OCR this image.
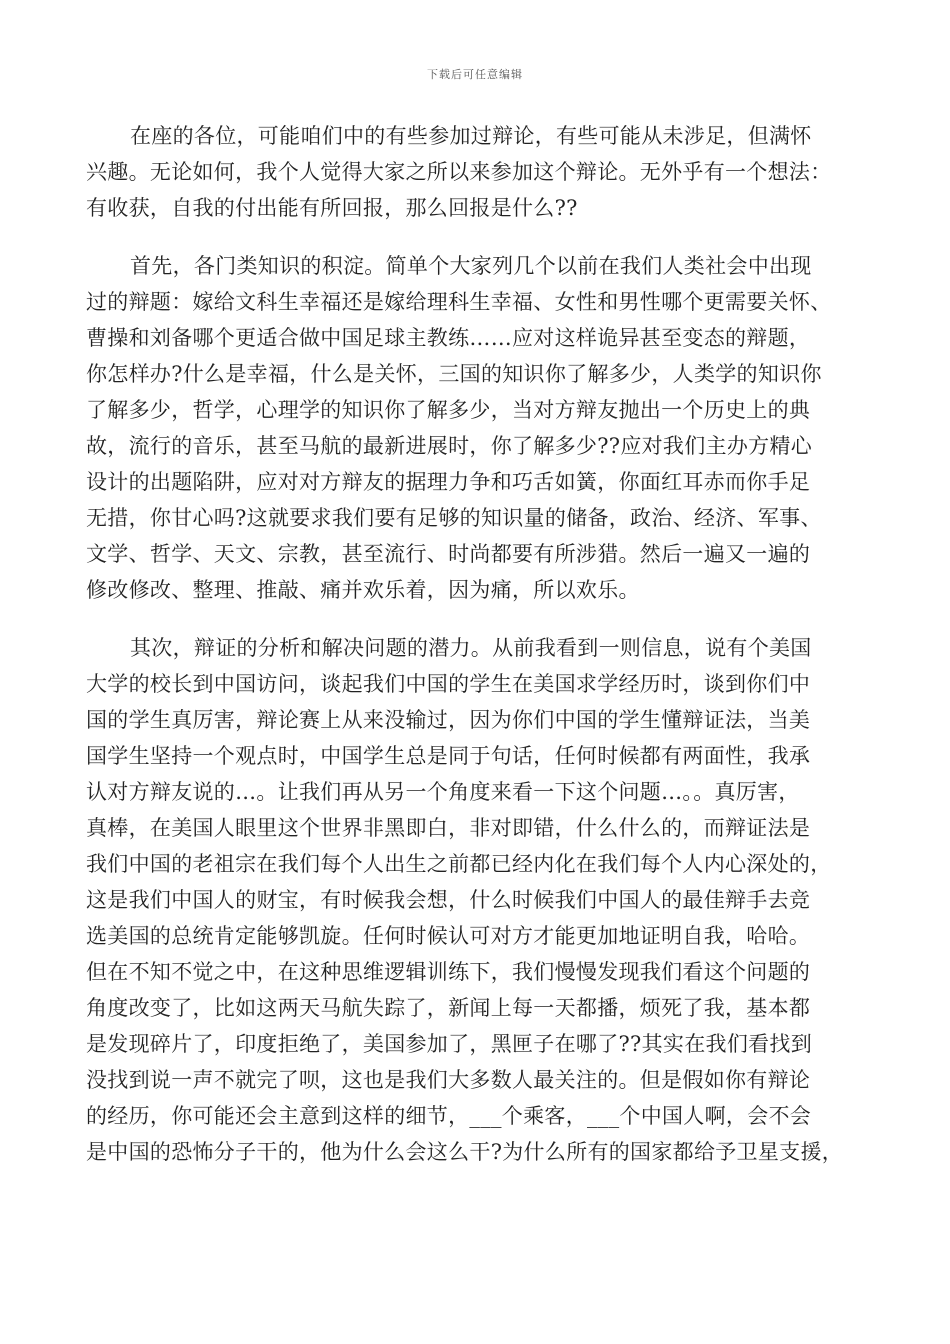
下载后可任意编辑
在座的各位，可能咱们中的有些参加过辩论，有些可能从未涉足，但满怀
兴趣。无论如何，我个人觉得大家之所以来参加这个辩论。无外乎有一个想法：
有收获，自我的付出能有所回报，那么回报是什么??
首先，各门类知识的积淀。简单个大家列几个以前在我们人类社会中出现
过的辩题：嫁给文科生幸福还是嫁给理科生幸福、女性和男性哪个更需要关怀、
曹操和刘备哪个更适合做中国足球主教练……应对这样诡异甚至变态的辩题，
你怎样办?什么是幸福，什么是关怀，三国的知识你了解多少，人类学的知识你
了解多少，哲学，心理学的知识你了解多少，当对方辩友抛出一个历史上的典
故，流行的音乐，甚至马航的最新进展时，你了解多少??应对我们主办方精心
设计的出题陷阱，应对对方辩友的据理力争和巧舌如簧，你面红耳赤而你手足
无措，你甘心吗?这就要求我们要有足够的知识量的储备，政治、经济、军事、
文学、哲学、天文、宗教，甚至流行、时尚都要有所涉猎。然后一遍又一遍的
修改修改、整理、推敲、痛并欢乐着，因为痛，所以欢乐。
其次，辩证的分析和解决问题的潜力。从前我看到一则信息，说有个美国
大学的校长到中国访问，谈起我们中国的学生在美国求学经历时，谈到你们中
国的学生真厉害，辩论赛上从来没输过，因为你们中国的学生懂辩证法，当美
国学生坚持一个观点时，中国学生总是同于句话，任何时候都有两面性，我承
认对方辩友说的…。让我们再从另一个角度来看一下这个问题…。。真厉害，
真棒，在美国人眼里这个世界非黑即白，非对即错，什么什么的，而辩证法是
我们中国的老祖宗在我们每个人出生之前都已经内化在我们每个人内心深处的，
这是我们中国人的财宝，有时候我会想，什么时候我们中国人的最佳辩手去竞
选美国的总统肯定能够凯旋。任何时候认可对方才能更加地证明自我，哈哈。
但在不知不觉之中，在这种思维逻辑训练下，我们慢慢发现我们看这个问题的
角度改变了，比如这两天马航失踪了，新闻上每一天都播，烦死了我，基本都
是发现碎片了，印度拒绝了，美国参加了，黑匣子在哪了??其实在我们看找到
没找到说一声不就完了呗，这也是我们大多数人最关注的。但是假如你有辩论
的经历，你可能还会主意到这样的细节，___个乘客，___个中国人啊，会不会
是中国的恐怖分子干的，他为什么会这么干?为什么所有的国家都给予卫星支援，
